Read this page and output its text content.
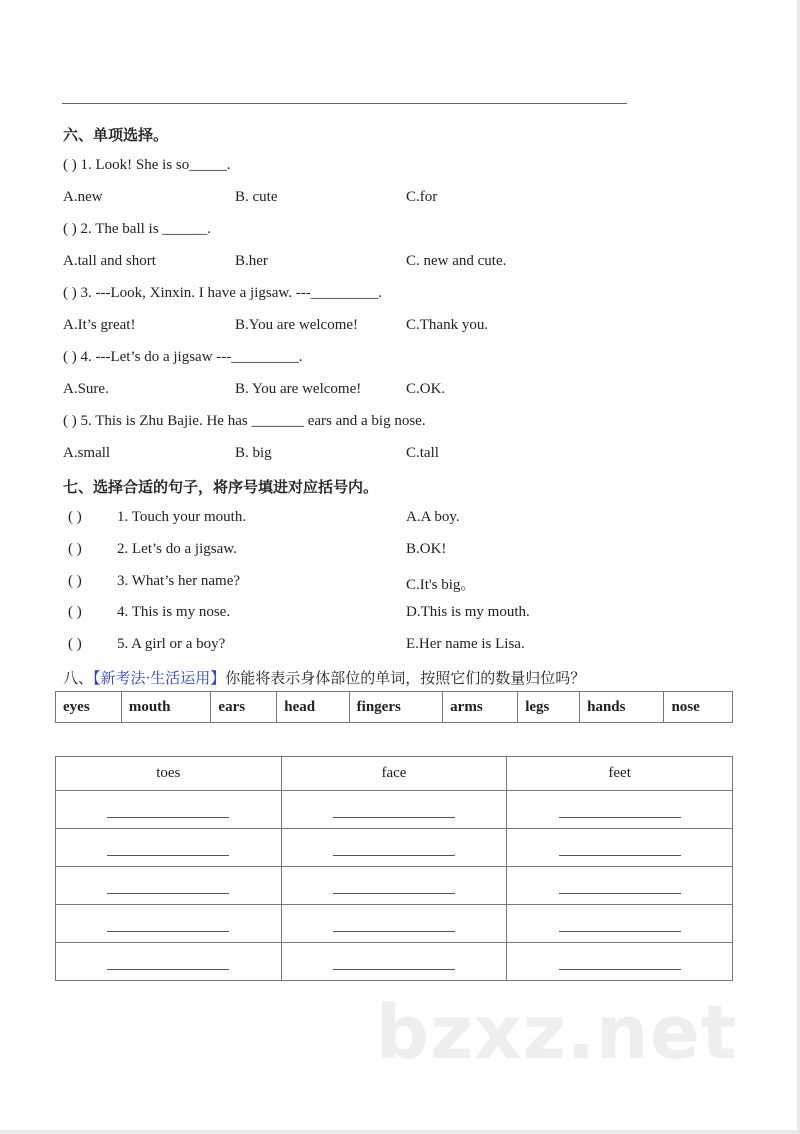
六、单项选择。
( ) 1. Look! She is so_____.
A.new	B. cute	C.for
( ) 2. The ball is ______.
A.tall and short	B.her	C. new and cute.
( ) 3. ---Look, Xinxin. I have a jigsaw. ---_________.
A.It’s great!	B.You are welcome!	C.Thank you.
( ) 4. ---Let’s do a jigsaw ---_________.
A.Sure.	B. You are welcome!	C.OK.
( ) 5. This is Zhu Bajie. He has _______ ears and a big nose.
A.small	B. big	C.tall
七、选择合适的句子，将序号填进对应括号内。
( ) 1. Touch your mouth.	A.A boy.
( ) 2. Let’s do a jigsaw.	B.OK!
( ) 3. What’s her name?	C.It's big。
( ) 4. This is my nose.	D.This is my mouth.
( ) 5. A girl or a boy?	E.Her name is Lisa.
八、【新考法·生活运用】你能将表示身体部位的单词，按照它们的数量归位吗？
eyes	mouth	ears	head	fingers	arms	legs	hands	nose
toes	face	feet

bzxz.net
